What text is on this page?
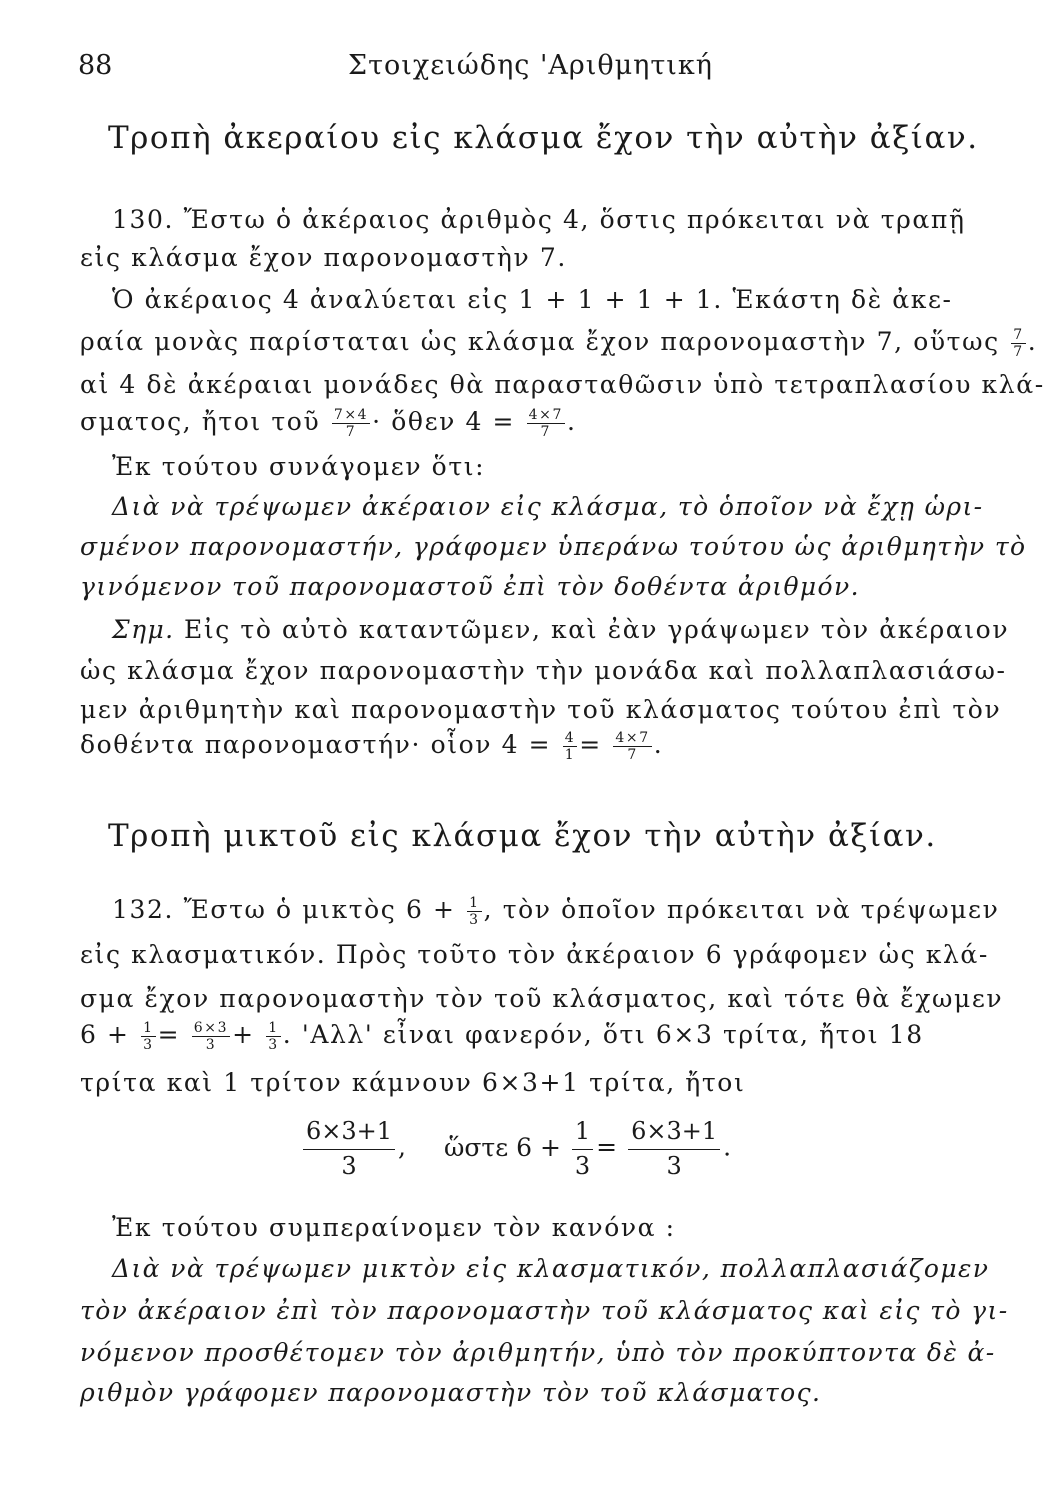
88	Στοιχειώδης 'Αριθμητική
Τροπὴ ἀκεραίου εἰς κλάσμα ἔχον τὴν αὐτὴν ἀξίαν.
130. Ἔστω ὁ ἀκέραιος ἀριθμὸς 4, ὅστις πρόκειται νὰ τραπῇ
εἰς κλάσμα ἔχον παρονομαστὴν 7.
Ὁ ἀκέραιος 4 ἀναλύεται εἰς 1 + 1 + 1 + 1. Ἑκάστη δὲ ἀκε-
ραία μονὰς παρίσταται ὡς κλάσμα ἔχον παρονομαστὴν 7, οὕτως $\frac{7}{7}$ .
αἱ 4 δὲ ἀκέραιαι μονάδες θὰ παρασταθῶσιν ὑπὸ τετραπλασίου κλά-
σματος, ἤτοι τοῦ $\frac{7\times 4}{7}$ · ὅθεν $4 = \frac{4\times 7}{7}$ .
Ἐκ τούτου συνάγομεν ὅτι:
Διὰ νὰ τρέψωμεν ἀκέραιον εἰς κλάσμα, τὸ ὁποῖον νὰ ἔχῃ ὡρι-
σμένον παρονομαστήν, γράφομεν ὑπεράνω τούτου ὡς ἀριθμητὴν τὸ
γινόμενον τοῦ παρονομαστοῦ ἐπὶ τὸν δοθέντα ἀριθμόν.
Σημ. Εἰς τὸ αὐτὸ καταντῶμεν, καὶ ἐὰν γράψωμεν τὸν ἀκέραιον
ὡς κλάσμα ἔχον παρονομαστὴν τὴν μονάδα καὶ πολλαπλασιάσω-
μεν ἀριθμητὴν καὶ παρονομαστὴν τοῦ κλάσματος τούτου ἐπὶ τὸν
δοθέντα παρονομαστήν· οἷον $4 = \frac{4}{1} = \frac{4\times 7}{7}$ .
Τροπὴ μικτοῦ εἰς κλάσμα ἔχον τὴν αὐτὴν ἀξίαν.
132. Ἔστω ὁ μικτὸς $6 + \frac{1}{3}$ , τὸν ὁποῖον πρόκειται νὰ τρέψωμεν
εἰς κλασματικόν. Πρὸς τοῦτο τὸν ἀκέραιον 6 γράφομεν ὡς κλά-
σμα ἔχον παρονομαστὴν τὸν τοῦ κλάσματος, καὶ τότε θὰ ἔχωμεν
$6 + \frac{1}{3} = \frac{6\times 3}{3} + \frac{1}{3}$ . 'Αλλ' εἶναι φανερόν, ὅτι 6×3 τρίτα, ἤτοι 18
τρίτα καὶ 1 τρίτον κάμνουν 6×3+1 τρίτα, ἤτοι
$\frac{6\times 3+1}{3}$ , ὥστε $6 + \frac{1}{3} = \frac{6\times 3+1}{3}$ .
Ἐκ τούτου συμπεραίνομεν τὸν κανόνα :
Διὰ νὰ τρέψωμεν μικτὸν εἰς κλασματικόν, πολλαπλασιάζομεν
τὸν ἀκέραιον ἐπὶ τὸν παρονομαστὴν τοῦ κλάσματος καὶ εἰς τὸ γι-
νόμενον προσθέτομεν τὸν ἀριθμητήν, ὑπὸ τὸν προκύπτοντα δὲ ἀ-
ριθμὸν γράφομεν παρονομαστὴν τὸν τοῦ κλάσματος.
